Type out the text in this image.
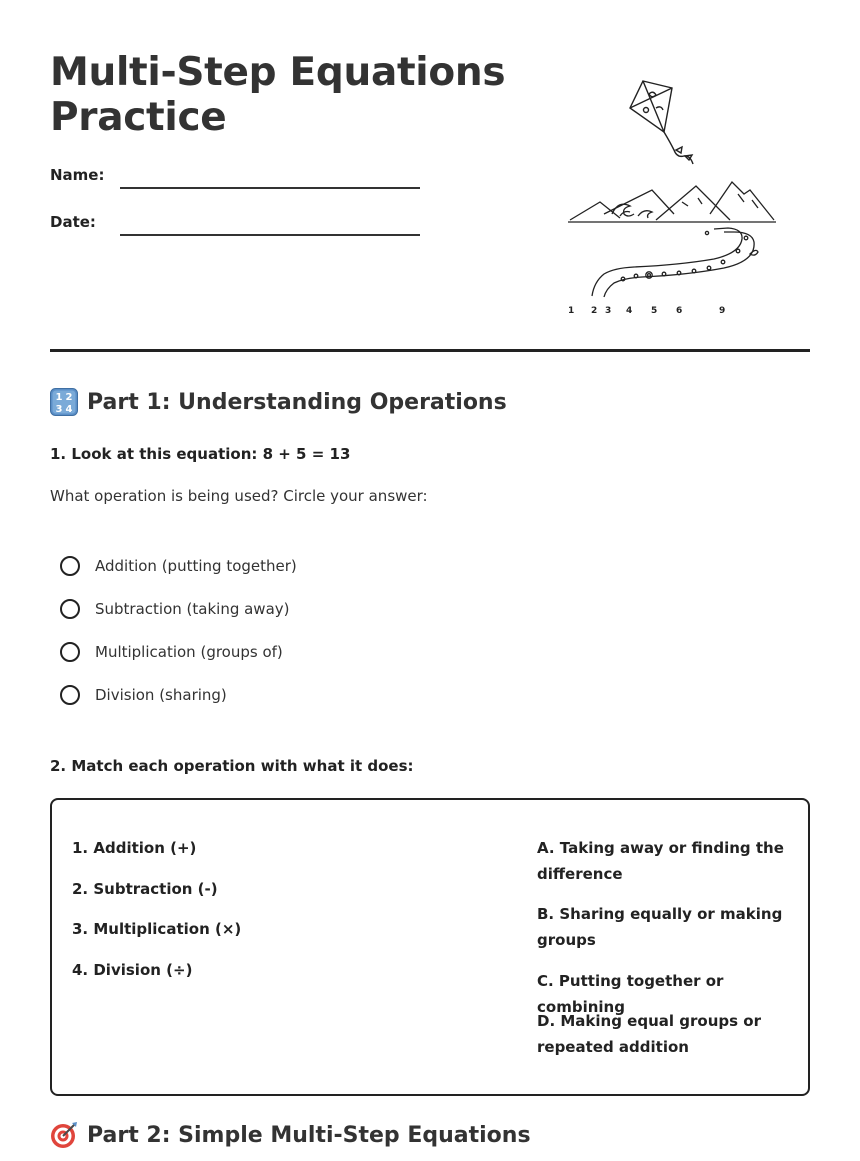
Multi-Step Equations Practice
Name:
Date:
1 2 3 4 5 6	9
1 2
3 4 Part 1: Understanding Operations
1. Look at this equation: 8 + 5 = 13
What operation is being used? Circle your answer:
Addition (putting together)
Subtraction (taking away)
Multiplication (groups of)
Division (sharing)
2. Match each operation with what it does:
1. Addition (+)
2. Subtraction (-)
3. Multiplication (×)
4. Division (÷)
A. Taking away or finding the difference
B. Sharing equally or making groups
C. Putting together or combining
D. Making equal groups or repeated addition
Part 2: Simple Multi-Step Equations
